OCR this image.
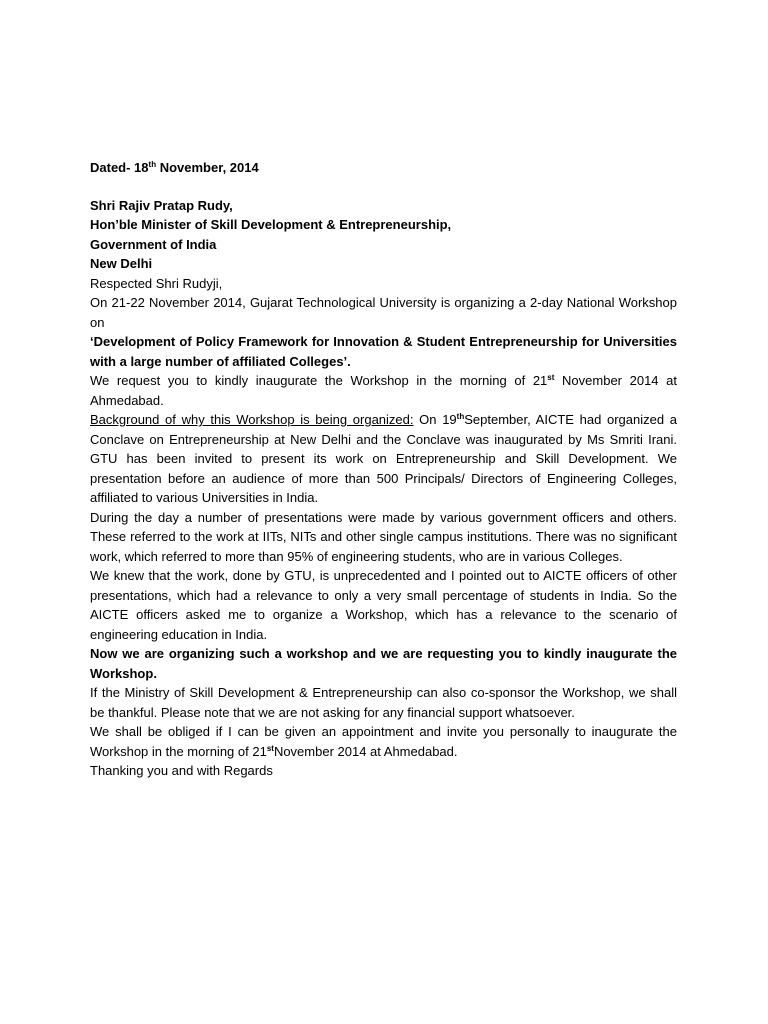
Dated- 18th November, 2014

Shri Rajiv Pratap Rudy,
Hon’ble Minister of Skill Development & Entrepreneurship,
Government of India
New Delhi

Respected Shri Rudyji,

On 21-22 November 2014, Gujarat Technological University is organizing a 2-day National Workshop on

‘Development of Policy Framework for Innovation & Student Entrepreneurship for Universities with a large number of affiliated Colleges’.

We request you to kindly inaugurate the Workshop in the morning of 21st November 2014 at Ahmedabad.

Background of why this Workshop is being organized: On 19thSeptember, AICTE had organized a Conclave on Entrepreneurship at New Delhi and the Conclave was inaugurated by Ms Smriti Irani. GTU has been invited to present its work on Entrepreneurship and Skill Development. We presentation before an audience of more than 500 Principals/ Directors of Engineering Colleges, affiliated to various Universities in India.

During the day a number of presentations were made by various government officers and others. These referred to the work at IITs, NITs and other single campus institutions. There was no significant work, which referred to more than 95% of engineering students, who are in various Colleges.

We knew that the work, done by GTU, is unprecedented and I pointed out to AICTE officers of other presentations, which had a relevance to only a very small percentage of students in India. So the AICTE officers asked me to organize a Workshop, which has a relevance to the scenario of engineering education in India.

Now we are organizing such a workshop and we are requesting you to kindly inaugurate the Workshop.

If the Ministry of Skill Development & Entrepreneurship can also co-sponsor the Workshop, we shall be thankful. Please note that we are not asking for any financial support whatsoever.

We shall be obliged if I can be given an appointment and invite you personally to inaugurate the Workshop in the morning of 21stNovember 2014 at Ahmedabad.

Thanking you and with Regards
